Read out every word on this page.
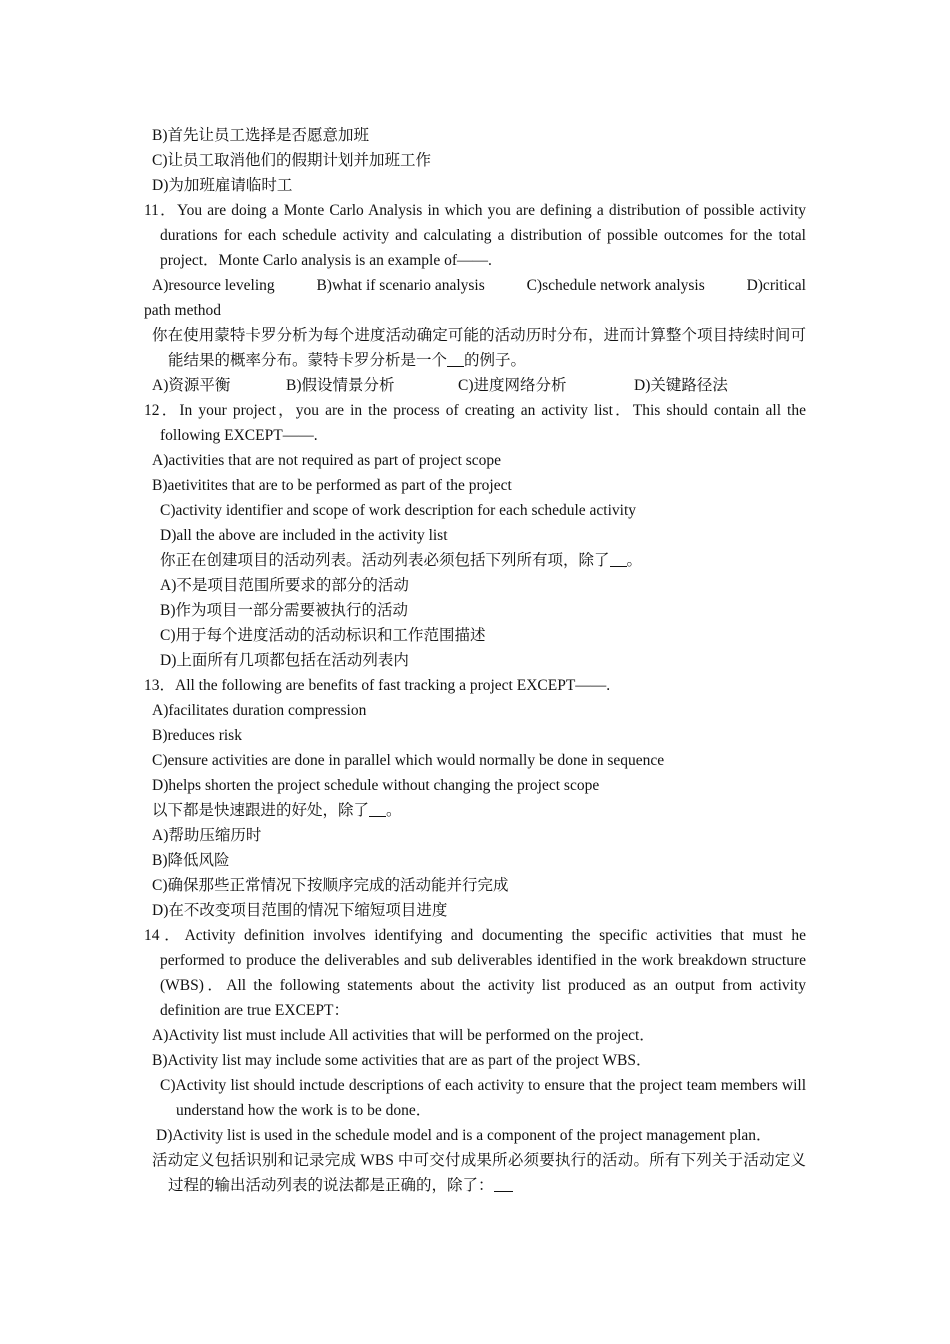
B)首先让员工选择是否愿意加班
C)让员工取消他们的假期计划并加班工作
D)为加班雇请临时工
11．You are doing a Monte Carlo Analysis in which you are defining a distribution of possible activity durations for each schedule activity and calculating a distribution of possible outcomes for the total project．Monte Carlo analysis is an example of——.
A)resource leveling	B)what if scenario analysis	C)schedule network analysis	D)critical
path method
你在使用蒙特卡罗分析为每个进度活动确定可能的活动历时分布，进而计算整个项目持续时间可能结果的概率分布。蒙特卡罗分析是一个 的例子。
A)资源平衡	B)假设情景分析	C)进度网络分析	D)关键路径法
12．In your project，you are in the process of creating an activity list．This should contain all the following EXCEPT——.
A)activities that are not required as part of project scope
B)aetivitites that are to be performed as part of the project
C)activity identifier and scope of work description for each schedule activity
D)all the above are included in the activity list
你正在创建项目的活动列表。活动列表必须包括下列所有项，除了 。
A)不是项目范围所要求的部分的活动
B)作为项目一部分需要被执行的活动
C)用于每个进度活动的活动标识和工作范围描述
D)上面所有几项都包括在活动列表内
13．All the following are benefits of fast tracking a project EXCEPT——.
A)facilitates duration compression
B)reduces risk
C)ensure activities are done in parallel which would normally be done in sequence
D)helps shorten the project schedule without changing the project scope
以下都是快速跟进的好处，除了 。
A)帮助压缩历时
B)降低风险
C)确保那些正常情况下按顺序完成的活动能并行完成
D)在不改变项目范围的情况下缩短项目进度
14．Activity definition involves identifying and documenting the specific activities that must he performed to produce the deliverables and sub deliverables identified in the work breakdown structure (WBS)．All the following statements about the activity list produced as an output from activity definition are true EXCEPT：
A)Activity list must include All activities that will be performed on the project．
B)Activity list may include some activities that are as part of the project WBS．
C)Activity list should inctude descriptions of each activity to ensure that the project team members will understand how the work is to be done．
D)Activity list is used in the schedule model and is a component of the project management plan．
活动定义包括识别和记录完成 WBS 中可交付成果所必须要执行的活动。所有下列关于活动定义过程的输出活动列表的说法都是正确的，除了：
